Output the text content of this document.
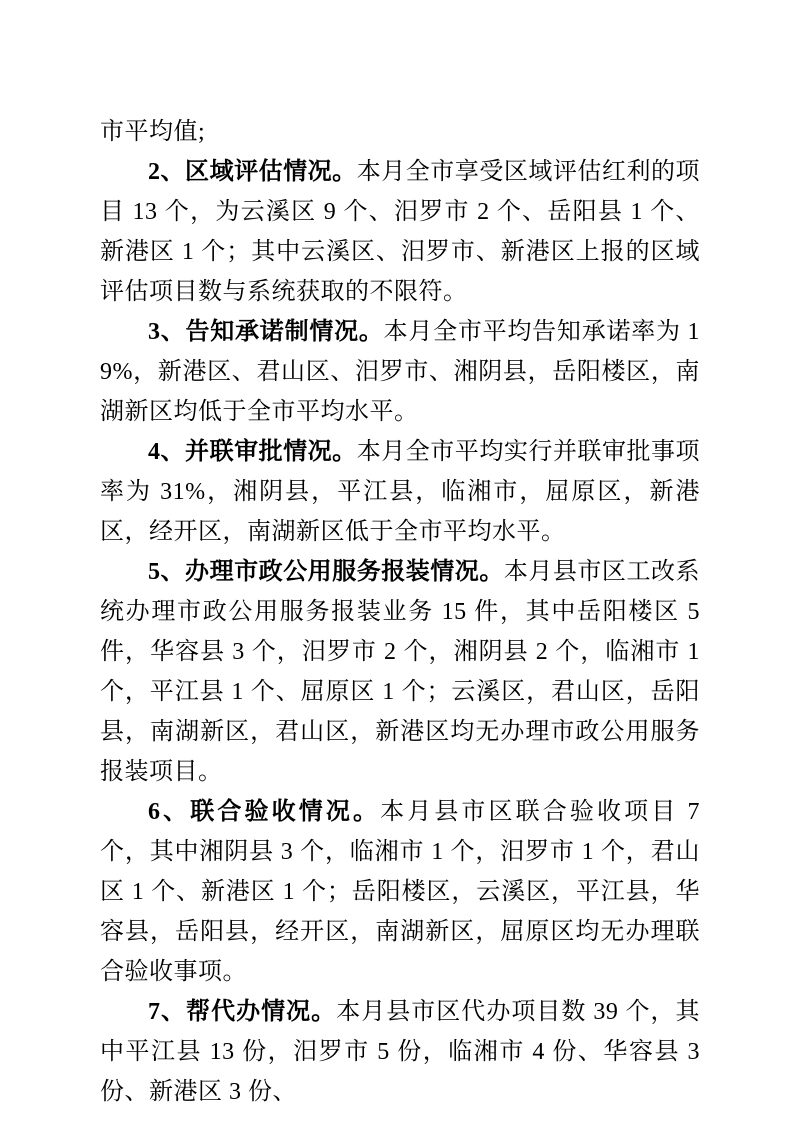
市平均值;

2、区域评估情况。本月全市享受区域评估红利的项目 13 个，为云溪区 9 个、汨罗市 2 个、岳阳县 1 个、新港区 1 个；其中云溪区、汨罗市、新港区上报的区域评估项目数与系统获取的不限符。

3、告知承诺制情况。本月全市平均告知承诺率为 19%，新港区、君山区、汨罗市、湘阴县，岳阳楼区，南湖新区均低于全市平均水平。

4、并联审批情况。本月全市平均实行并联审批事项率为 31%，湘阴县，平江县，临湘市，屈原区，新港区，经开区，南湖新区低于全市平均水平。

5、办理市政公用服务报装情况。本月县市区工改系统办理市政公用服务报装业务 15 件，其中岳阳楼区 5 件，华容县 3 个，汨罗市 2 个，湘阴县 2 个，临湘市 1 个，平江县 1 个、屈原区 1 个；云溪区，君山区，岳阳县，南湖新区，君山区，新港区均无办理市政公用服务报装项目。

6、联合验收情况。本月县市区联合验收项目 7 个，其中湘阴县 3 个，临湘市 1 个，汨罗市 1 个，君山区 1 个、新港区 1 个；岳阳楼区，云溪区，平江县，华容县，岳阳县，经开区，南湖新区，屈原区均无办理联合验收事项。

7、帮代办情况。本月县市区代办项目数 39 个，其中平江县 13 份，汨罗市 5 份，临湘市 4 份、华容县 3 份、新港区 3 份、
